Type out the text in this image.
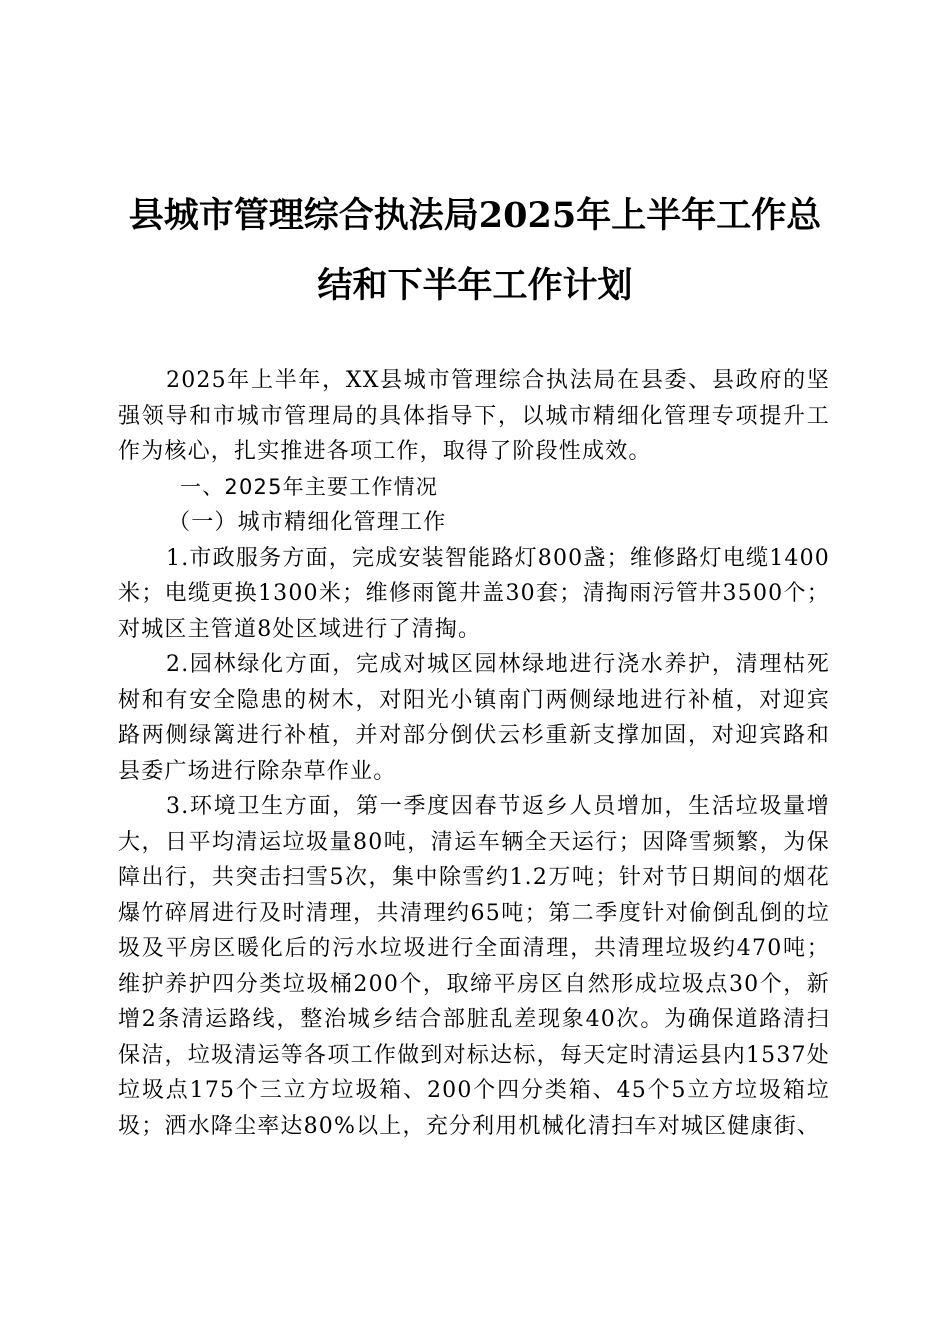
县城市管理综合执法局2025年上半年工作总
结和下半年工作计划

2025年上半年，XX县城市管理综合执法局在县委、县政府的坚强领导和市城市管理局的具体指导下，以城市精细化管理专项提升工作为核心，扎实推进各项工作，取得了阶段性成效。

一、2025年主要工作情况

（一）城市精细化管理工作

1.市政服务方面，完成安装智能路灯800盏；维修路灯电缆1400米；电缆更换1300米；维修雨篦井盖30套；清掏雨污管井3500个；对城区主管道8处区域进行了清掏。

2.园林绿化方面，完成对城区园林绿地进行浇水养护，清理枯死树和有安全隐患的树木，对阳光小镇南门两侧绿地进行补植，对迎宾路两侧绿篱进行补植，并对部分倒伏云杉重新支撑加固，对迎宾路和县委广场进行除杂草作业。

3.环境卫生方面，第一季度因春节返乡人员增加，生活垃圾量增大，日平均清运垃圾量80吨，清运车辆全天运行；因降雪频繁，为保障出行，共突击扫雪5次，集中除雪约1.2万吨；针对节日期间的烟花爆竹碎屑进行及时清理，共清理约65吨；第二季度针对偷倒乱倒的垃圾及平房区暖化后的污水垃圾进行全面清理，共清理垃圾约470吨；维护养护四分类垃圾桶200个，取缔平房区自然形成垃圾点30个，新增2条清运路线，整治城乡结合部脏乱差现象40次。为确保道路清扫保洁，垃圾清运等各项工作做到对标达标，每天定时清运县内1537处垃圾点175个三立方垃圾箱、200个四分类箱、45个5立方垃圾箱垃圾；洒水降尘率达80%以上，充分利用机械化清扫车对城区健康街、
